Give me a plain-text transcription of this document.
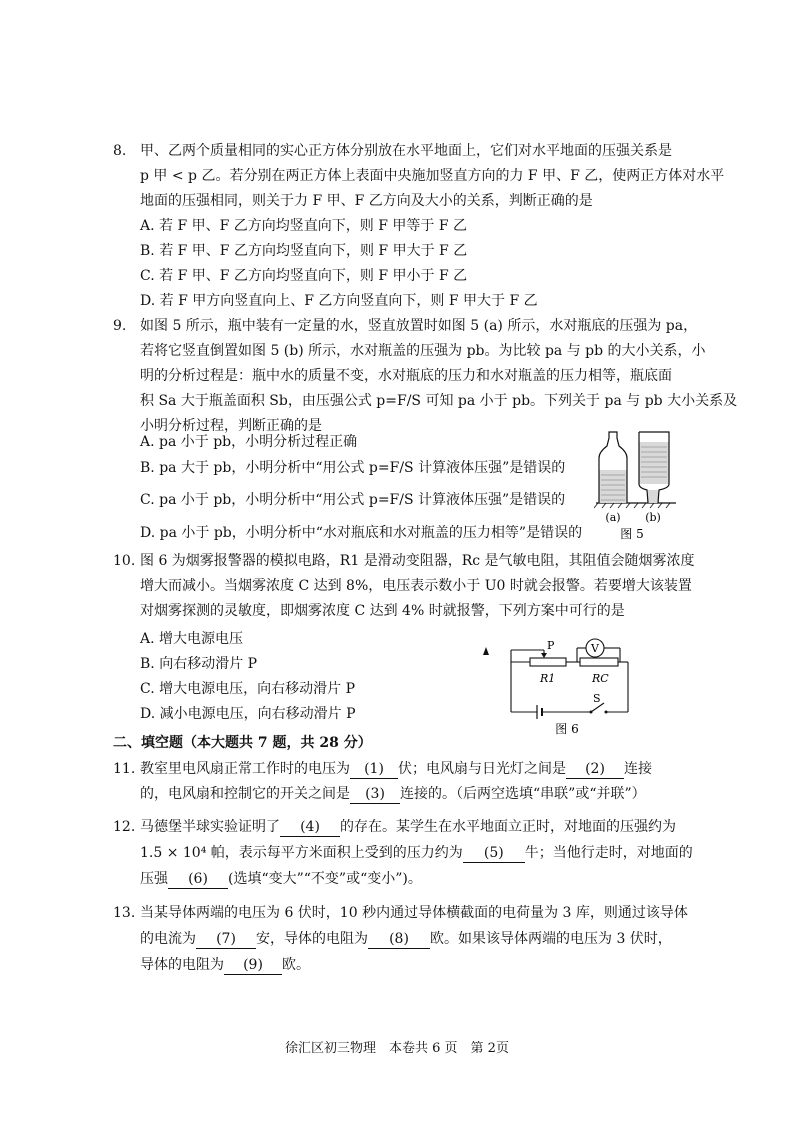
8. 甲、乙两个质量相同的实心正方体分别放在水平地面上，它们对水平地面的压强关系是
p 甲 < p 乙。若分别在两正方体上表面中央施加竖直方向的力 F 甲、F 乙，使两正方体对水平
地面的压强相同，则关于力 F 甲、F 乙方向及大小的关系，判断正确的是
A. 若 F 甲、F 乙方向均竖直向下，则 F 甲等于 F 乙
B. 若 F 甲、F 乙方向均竖直向下，则 F 甲大于 F 乙
C. 若 F 甲、F 乙方向均竖直向下，则 F 甲小于 F 乙
D. 若 F 甲方向竖直向上、F 乙方向竖直向下，则 F 甲大于 F 乙
9. 如图 5 所示，瓶中装有一定量的水，竖直放置时如图 5 (a) 所示，水对瓶底的压强为 pa，
若将它竖直倒置如图 5 (b) 所示，水对瓶盖的压强为 pb。为比较 pa 与 pb 的大小关系，小
明的分析过程是：瓶中水的质量不变，水对瓶底的压力和水对瓶盖的压力相等，瓶底面
积 Sa 大于瓶盖面积 Sb，由压强公式 p=F/S 可知 pa 小于 pb。下列关于 pa 与 pb 大小关系及
小明分析过程，判断正确的是
A. pa 小于 pb，小明分析过程正确
B. pa 大于 pb，小明分析中“用公式 p=F/S 计算液体压强”是错误的
C. pa 小于 pb，小明分析中“用公式 p=F/S 计算液体压强”是错误的
D. pa 小于 pb，小明分析中“水对瓶底和水对瓶盖的压力相等”是错误的
(a) (b)
图 5
10. 图 6 为烟雾报警器的模拟电路，R1 是滑动变阻器，Rc 是气敏电阻，其阻值会随烟雾浓度
增大而减小。当烟雾浓度 C 达到 8%，电压表示数小于 U0 时就会报警。若要增大该装置
对烟雾探测的灵敏度，即烟雾浓度 C 达到 4% 时就报警，下列方案中可行的是
A. 增大电源电压
B. 向右移动滑片 P
C. 增大电源电压，向右移动滑片 P
D. 减小电源电压，向右移动滑片 P
P	V
R1	RC
S
图 6
二、填空题（本大题共 7 题，共 28 分）
11. 教室里电风扇正常工作时的电压为 (1) 伏；电风扇与日光灯之间是 (2) 连接
的，电风扇和控制它的开关之间是 (3) 连接的。（后两空选填“串联”或“并联”）
12. 马德堡半球实验证明了 (4) 的存在。某学生在水平地面立正时，对地面的压强约为
1.5 × 10⁴ 帕，表示每平方米面积上受到的压力约为 (5) 牛；当他行走时，对地面的
压强 (6) (选填“变大”“不变”或“变小”)。
13. 当某导体两端的电压为 6 伏时，10 秒内通过导体横截面的电荷量为 3 库，则通过该导体
的电流为 (7) 安，导体的电阻为 (8) 欧。如果该导体两端的电压为 3 伏时，
导体的电阻为 (9) 欧。
徐汇区初三物理　本卷共 6 页　第 2页
